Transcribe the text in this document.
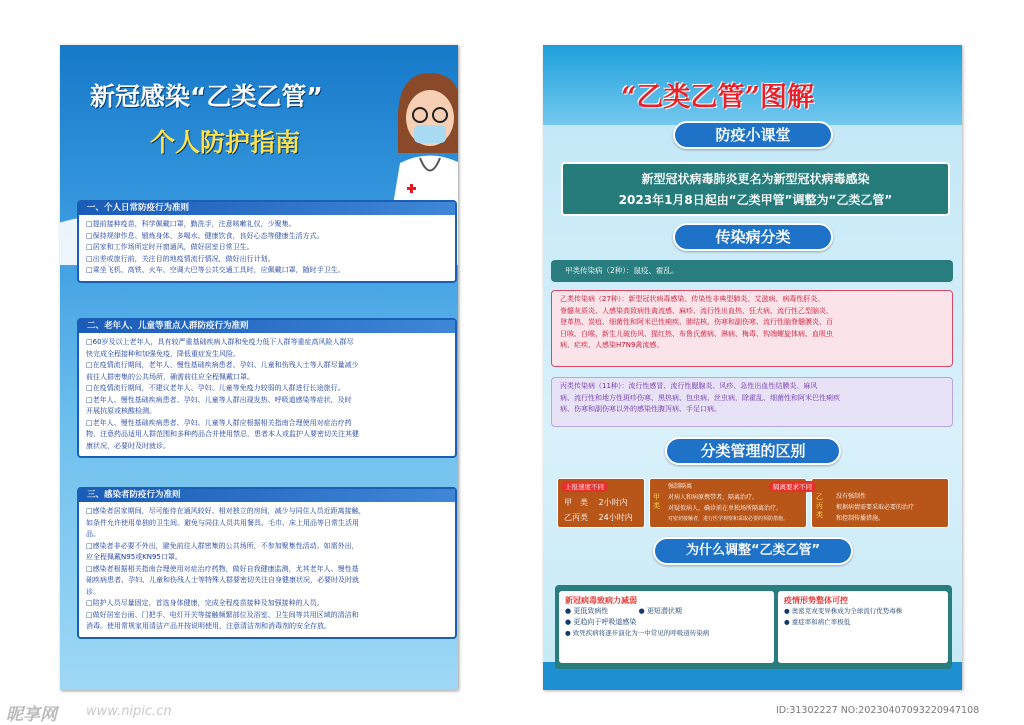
新冠感染“乙类乙管”
个人防护指南
一、个人日常防疫行为准则

□提前接种疫苗，科学佩戴口罩，勤洗手，注意咳嗽礼仪，少聚集。

□保持规律作息、锻炼身体、多喝水、健康饮食，良好心态等健康生活方式。

□居家和工作场所定时开窗通风，做好居室日常卫生。

□出差或旅行前，关注目的地疫情流行情况，做好出行计划。

□乘坐飞机、高铁、火车、空调大巴等公共交通工具时，应佩戴口罩，随时手卫生。

二、老年人、儿童等重点人群防疫行为准则

□60岁及以上老年人，具有较严重基础疾病人群和免疫力低下人群等重症高风险人群尽

快完成全程接种和加强免疫，降低重症发生风险。

□在疫情流行期间，老年人、慢性基础疾病患者、孕妇、儿童和伤残人士等人群尽量减少

前往人群密集的公共场所，确需前往应全程佩戴口罩。

□在疫情流行期间，不建议老年人、孕妇、儿童等免疫力较弱的人群进行长途旅行。

□老年人、慢性基础疾病患者、孕妇、儿童等人群出现发热、呼吸道感染等症状，及时

开展抗原或核酸检测。

□老年人、慢性基础疾病患者、孕妇、儿童等人群应根据相关指南合理使用对症治疗药

物，注意药品适用人群范围和多种药品合并使用禁忌，患者本人或监护人要密切关注其健

康状况，必要时及时就诊。

三、感染者防疫行为准则

□感染者居家期间，尽可能待在通风较好、相对独立的房间，减少与同住人员近距离接触，

如条件允许使用单独的卫生间。避免与同住人员共用餐具、毛巾、床上用品等日常生活用

品。

□感染者非必要不外出，避免前往人群密集的公共场所，不参加聚集性活动。如需外出，

应全程佩戴N95或KN95口罩。

□感染者根据相关指南合理使用对症治疗药物，做好自我健康监测，尤其老年人、慢性基

础疾病患者、孕妇、儿童和伤残人士等特殊人群要密切关注自身健康状况，必要时及时就

诊。

□陪护人员尽量固定，首选身体健康，完成全程疫苗接种及加强接种的人员。

□做好居室台面、门把手、电灯开关等接触频繁部位及浴室、卫生间等共用区域的清洁和

消毒。使用常规家用清洁产品并按说明使用，注意清洁剂和消毒剂的安全存放。

“乙类乙管”图解
防疫小课堂
新型冠状病毒肺炎更名为新型冠状病毒感染
2023年1月8日起由“乙类甲管”调整为“乙类乙管”
传染病分类
甲类传染病（2种）：鼠疫、霍乱。

乙类传染病（27种）：新型冠状病毒感染、传染性非典型肺炎、艾滋病、病毒性肝炎、

脊髓灰质炎、人感染高致病性禽流感、麻疹、流行性出血热、狂犬病、流行性乙型脑炎、

登革热、炭疽、细菌性和阿米巴性痢疾、肺结核、伤寒和副伤寒、流行性脑脊髓膜炎、百

日咳、白喉、新生儿破伤风、猩红热、布鲁氏菌病、淋病、梅毒、钩端螺旋体病、血吸虫

病、疟疾、人感染H7N9禽流感。

丙类传染病（11种）：流行性感冒、流行性腮腺炎、风疹、急性出血性结膜炎、麻风

病、流行性和地方性斑疹伤寒、黑热病、包虫病、丝虫病，除霍乱、细菌性和阿米巴性痢疾

病、伤寒和副伤寒以外的感染性腹泻病、手足口病。

分类管理的区别
甲　类 2小时内
乙丙类 24小时内
上报速度不同
甲类
强制隔离
对病人和病原携带者，隔离治疗。
对疑似病人，确诊前在单独场所隔离治疗。
对密切接触者，进行医学观察和采取必要的预防措施。
乙丙类
没有强制性
根据病情需要采取必要的治疗
和控制传播措施。
隔离要求不同
为什么调整“乙类乙管”

新冠病毒致病力减弱

● 更低致病性	● 更短潜伏期

● 更趋向于呼吸道感染

● 致死疾病将逐步演化为一中常见的呼吸道传染病

疫情形势整体可控

● 奥密克戎变异株成为全球流行优势毒株

● 重症率和病亡率极低

昵享网 www.nipic.cn	ID:31302227 NO:20230407093220947108
